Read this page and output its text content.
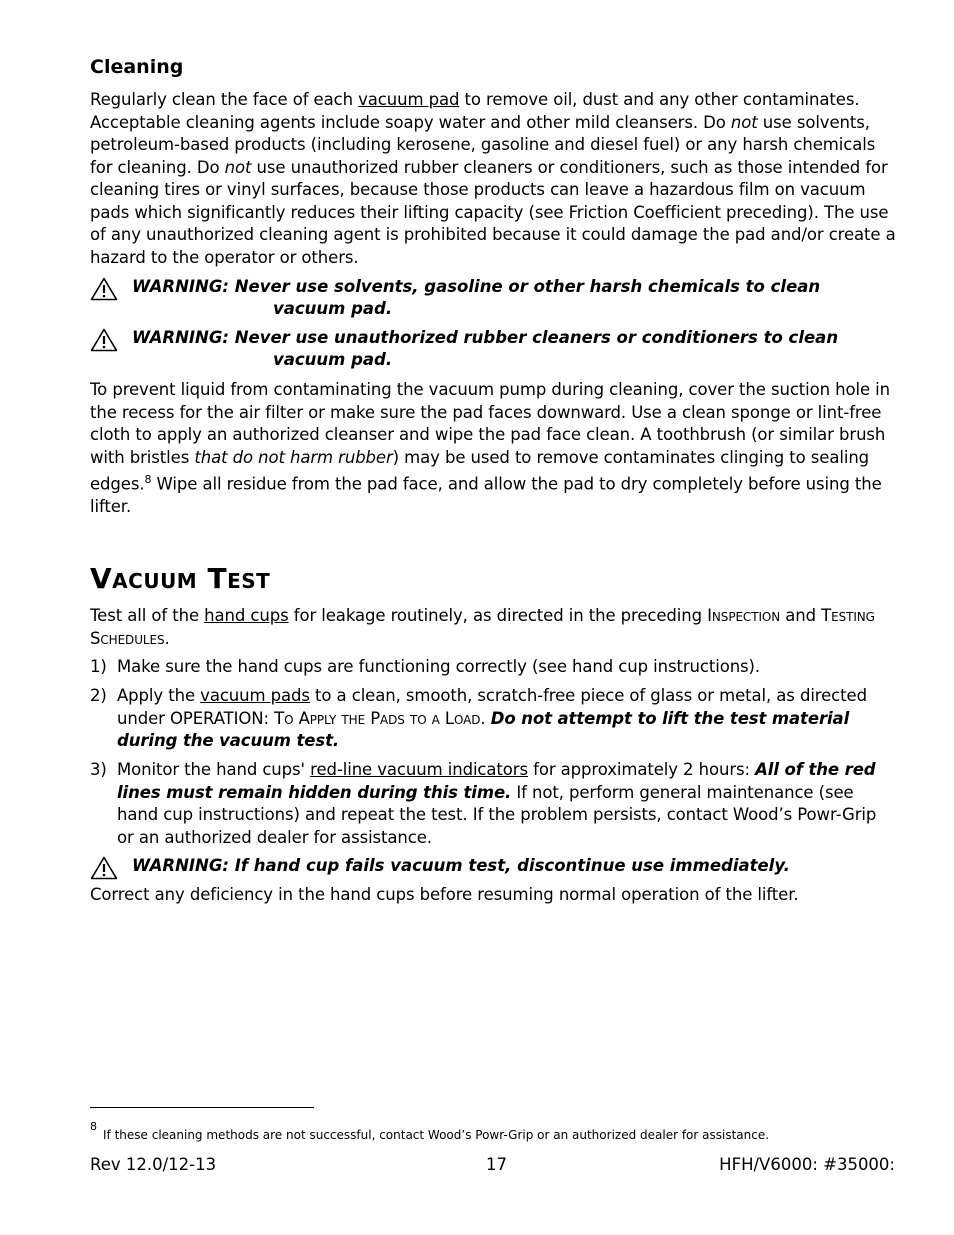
Cleaning

Regularly clean the face of each vacuum pad to remove oil, dust and any other contaminates. Acceptable cleaning agents include soapy water and other mild cleansers. Do not use solvents, petroleum-based products (including kerosene, gasoline and diesel fuel) or any harsh chemicals for cleaning. Do not use unauthorized rubber cleaners or conditioners, such as those intended for cleaning tires or vinyl surfaces, because those products can leave a hazardous film on vacuum pads which significantly reduces their lifting capacity (see Friction Coefficient preceding). The use of any unauthorized cleaning agent is prohibited because it could damage the pad and/or create a hazard to the operator or others.

WARNING: Never use solvents, gasoline or other harsh chemicals to clean
vacuum pad.
WARNING: Never use unauthorized rubber cleaners or conditioners to clean
vacuum pad.

To prevent liquid from contaminating the vacuum pump during cleaning, cover the suction hole in the recess for the air filter or make sure the pad faces downward. Use a clean sponge or lint-free cloth to apply an authorized cleanser and wipe the pad face clean. A toothbrush (or similar brush with bristles that do not harm rubber) may be used to remove contaminates clinging to sealing edges.$^8$ Wipe all residue from the pad face, and allow the pad to dry completely before using the lifter.

VACUUM TEST

Test all of the hand cups for leakage routinely, as directed in the preceding Inspection and Testing Schedules.

1) Make sure the hand cups are functioning correctly (see hand cup instructions).
2) Apply the vacuum pads to a clean, smooth, scratch-free piece of glass or metal, as directed under OPERATION: To Apply the Pads to a Load. Do not attempt to lift the test material during the vacuum test.
3) Monitor the hand cups' red-line vacuum indicators for approximately 2 hours: All of the red lines must remain hidden during this time. If not, perform general maintenance (see hand cup instructions) and repeat the test. If the problem persists, contact Wood’s Powr-Grip or an authorized dealer for assistance.
WARNING: If hand cup fails vacuum test, discontinue use immediately.

Correct any deficiency in the hand cups before resuming normal operation of the lifter.

$^8$If these cleaning methods are not successful, contact Wood’s Powr-Grip or an authorized dealer for assistance.
Rev 12.0/12-13	17	HFH/V6000: #35000:
